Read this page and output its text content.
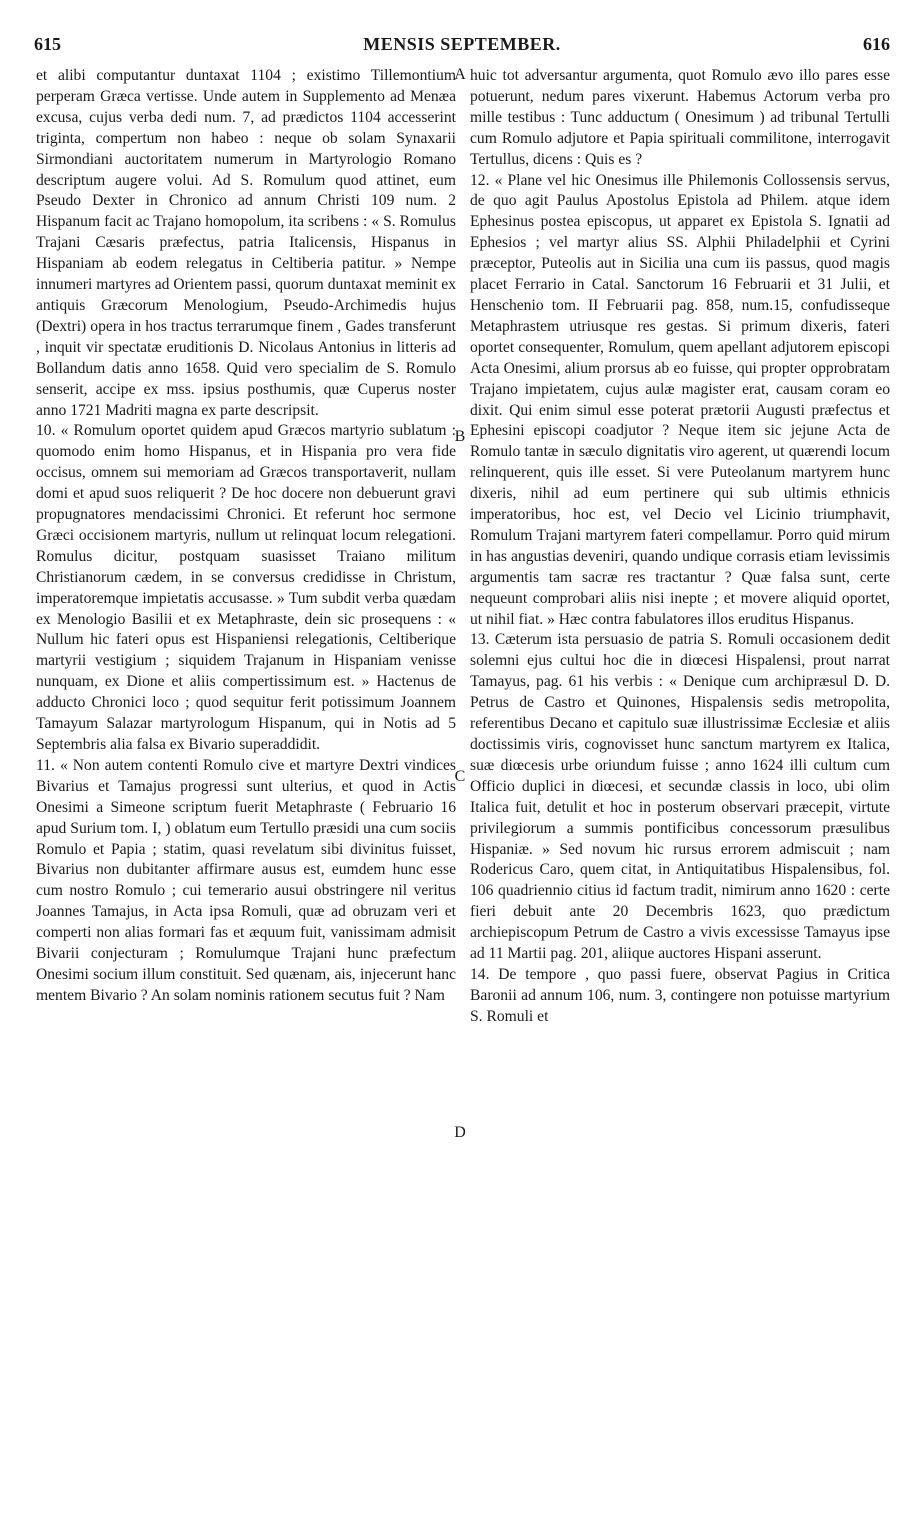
615	MENSIS SEPTEMBER.	616

et alibi computantur duntaxat 1104 ; existimo Tillemontium perperam Græca vertisse. Unde autem in Supplemento ad Menæa excusa, cujus verba dedi num. 7, ad prædictos 1104 accesserint triginta, compertum non habeo : neque ob solam Synaxarii Sirmondiani auctoritatem numerum in Martyrologio Romano descriptum augere volui. Ad S. Romulum quod attinet, eum Pseudo Dexter in Chronico ad annum Christi 109 num. 2 Hispanum facit ac Trajano homopolum, ita scribens : « S. Romulus Trajani Cæsaris præfectus, patria Italicensis, Hispanus in Hispaniam ab eodem relegatus in Celtiberia patitur. » Nempe innumeri martyres ad Orientem passi, quorum duntaxat meminit ex antiquis Græcorum Menologium, Pseudo-Archimedis hujus (Dextri) opera in hos tractus terrarumque finem , Gades transferunt , inquit vir spectatæ eruditionis D. Nicolaus Antonius in litteris ad Bollandum datis anno 1658. Quid vero specialim de S. Romulo senserit, accipe ex mss. ipsius posthumis, quæ Cuperus noster anno 1721 Madriti magna ex parte descripsit.

10. « Romulum oportet quidem apud Græcos martyrio sublatum : quomodo enim homo Hispanus, et in Hispania pro vera fide occisus, omnem sui memoriam ad Græcos transportaverit, nullam domi et apud suos reliquerit ? De hoc docere non debuerunt gravi propugnatores mendacissimi Chronici. Et referunt hoc sermone Græci occisionem martyris, nullum ut relinquat locum relegationi. Romulus dicitur, postquam suasisset Traiano militum Christianorum cædem, in se conversus credidisse in Christum, imperatoremque impietatis accusasse. » Tum subdit verba quædam ex Menologio Basilii et ex Metaphraste, dein sic prosequens : « Nullum hic fateri opus est Hispaniensi relegationis, Celtiberique martyrii vestigium ; siquidem Trajanum in Hispaniam venisse nunquam, ex Dione et aliis compertissimum est. » Hactenus de adducto Chronici loco ; quod sequitur ferit potissimum Joannem Tamayum Salazar martyrologum Hispanum, qui in Notis ad 5 Septembris alia falsa ex Bivario superaddidit.

11. « Non autem contenti Romulo cive et martyre Dextri vindices Bivarius et Tamajus progressi sunt ulterius, et quod in Actis Onesimi a Simeone scriptum fuerit Metaphraste ( Februario 16 apud Surium tom. I, ) oblatum eum Tertullo præsidi una cum sociis Romulo et Papia ; statim, quasi revelatum sibi divinitus fuisset, Bivarius non dubitanter affirmare ausus est, eumdem hunc esse cum nostro Romulo ; cui temerario ausui obstringere nil veritus Joannes Tamajus, in Acta ipsa Romuli, quæ ad obruzam veri et comperti non alias formari fas et æquum fuit, vanissimam admisit Bivarii conjecturam ; Romulumque Trajani hunc præfectum Onesimi socium illum constituit. Sed quænam, ais, injecerunt hanc mentem Bivario ? An solam nominis rationem secutus fuit ? Nam

A
B
C
D

huic tot adversantur argumenta, quot Romulo ævo illo pares esse potuerunt, nedum pares vixerunt. Habemus Actorum verba pro mille testibus : Tunc adductum ( Onesimum ) ad tribunal Tertulli cum Romulo adjutore et Papia spirituali commilitone, interrogavit Tertullus, dicens : Quis es ?

12. « Plane vel hic Onesimus ille Philemonis Collossensis servus, de quo agit Paulus Apostolus Epistola ad Philem. atque idem Ephesinus postea episcopus, ut apparet ex Epistola S. Ignatii ad Ephesios ; vel martyr alius SS. Alphii Philadelphii et Cyrini præceptor, Puteolis aut in Sicilia una cum iis passus, quod magis placet Ferrario in Catal. Sanctorum 16 Februarii et 31 Julii, et Henschenio tom. II Februarii pag. 858, num.15, confudisseque Metaphrastem utriusque res gestas. Si primum dixeris, fateri oportet consequenter, Romulum, quem apellant adjutorem episcopi Acta Onesimi, alium prorsus ab eo fuisse, qui propter opprobratam Trajano impietatem, cujus aulæ magister erat, causam coram eo dixit. Qui enim simul esse poterat prætorii Augusti præfectus et Ephesini episcopi coadjutor ? Neque item sic jejune Acta de Romulo tantæ in sæculo dignitatis viro agerent, ut quærendi locum relinquerent, quis ille esset. Si vere Puteolanum martyrem hunc dixeris, nihil ad eum pertinere qui sub ultimis ethnicis imperatoribus, hoc est, vel Decio vel Licinio triumphavit, Romulum Trajani martyrem fateri compellamur. Porro quid mirum in has angustias deveniri, quando undique corrasis etiam levissimis argumentis tam sacræ res tractantur ? Quæ falsa sunt, certe nequeunt comprobari aliis nisi inepte ; et movere aliquid oportet, ut nihil fiat. » Hæc contra fabulatores illos eruditus Hispanus.

13. Cæterum ista persuasio de patria S. Romuli occasionem dedit solemni ejus cultui hoc die in diœcesi Hispalensi, prout narrat Tamayus, pag. 61 his verbis : « Denique cum archipræsul D. D. Petrus de Castro et Quinones, Hispalensis sedis metropolita, referentibus Decano et capitulo suæ illustrissimæ Ecclesiæ et aliis doctissimis viris, cognovisset hunc sanctum martyrem ex Italica, suæ diœcesis urbe oriundum fuisse ; anno 1624 illi cultum cum Officio duplici in diœcesi, et secundæ classis in loco, ubi olim Italica fuit, detulit et hoc in posterum observari præcepit, virtute privilegiorum a summis pontificibus concessorum præsulibus Hispaniæ. » Sed novum hic rursus errorem admiscuit ; nam Rodericus Caro, quem citat, in Antiquitatibus Hispalensibus, fol. 106 quadriennio citius id factum tradit, nimirum anno 1620 : certe fieri debuit ante 20 Decembris 1623, quo prædictum archiepiscopum Petrum de Castro a vivis excessisse Tamayus ipse ad 11 Martii pag. 201, aliique auctores Hispani asserunt.

14. De tempore , quo passi fuere, observat Pagius in Critica Baronii ad annum 106, num. 3, contingere non potuisse martyrium S. Romuli et
